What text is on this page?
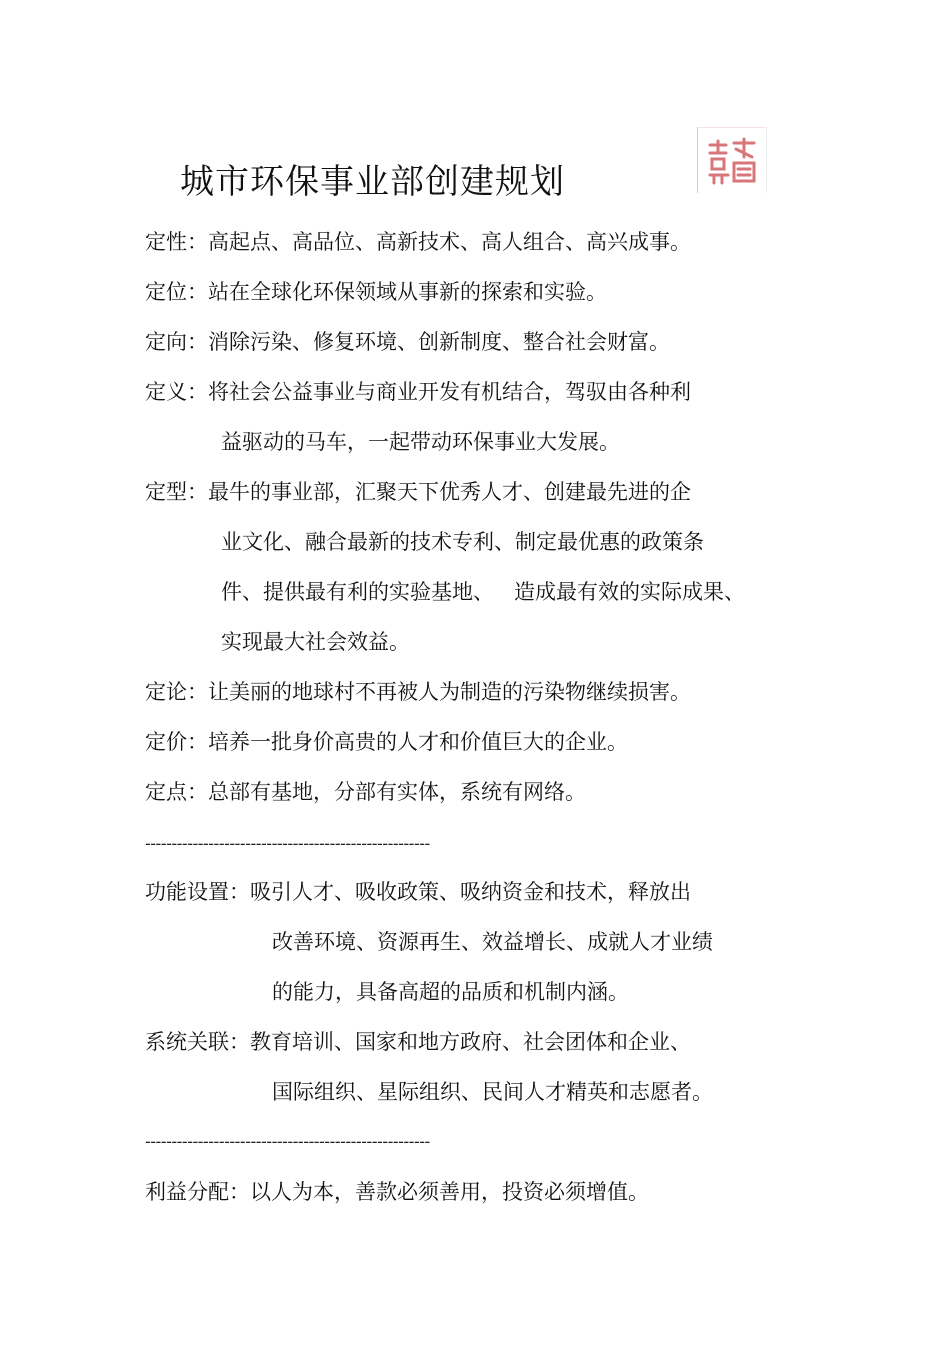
城市环保事业部创建规划
定性：高起点、高品位、高新技术、高人组合、高兴成事。
定位：站在全球化环保领域从事新的探索和实验。
定向：消除污染、修复环境、创新制度、整合社会财富。
定义：将社会公益事业与商业开发有机结合，驾驭由各种利
益驱动的马车，一起带动环保事业大发展。
定型：最牛的事业部，汇聚天下优秀人才、创建最先进的企
业文化、融合最新的技术专利、制定最优惠的政策条
件、提供最有利的实验基地、   造成最有效的实际成果、
实现最大社会效益。
定论：让美丽的地球村不再被人为制造的污染物继续损害。
定价：培养一批身价高贵的人才和价值巨大的企业。
定点：总部有基地，分部有实体，系统有网络。
------------------------------------------------------
功能设置：吸引人才、吸收政策、吸纳资金和技术，释放出
改善环境、资源再生、效益增长、成就人才业绩
的能力，具备高超的品质和机制内涵。
系统关联：教育培训、国家和地方政府、社会团体和企业、
国际组织、星际组织、民间人才精英和志愿者。
------------------------------------------------------
利益分配：以人为本，善款必须善用，投资必须增值。
